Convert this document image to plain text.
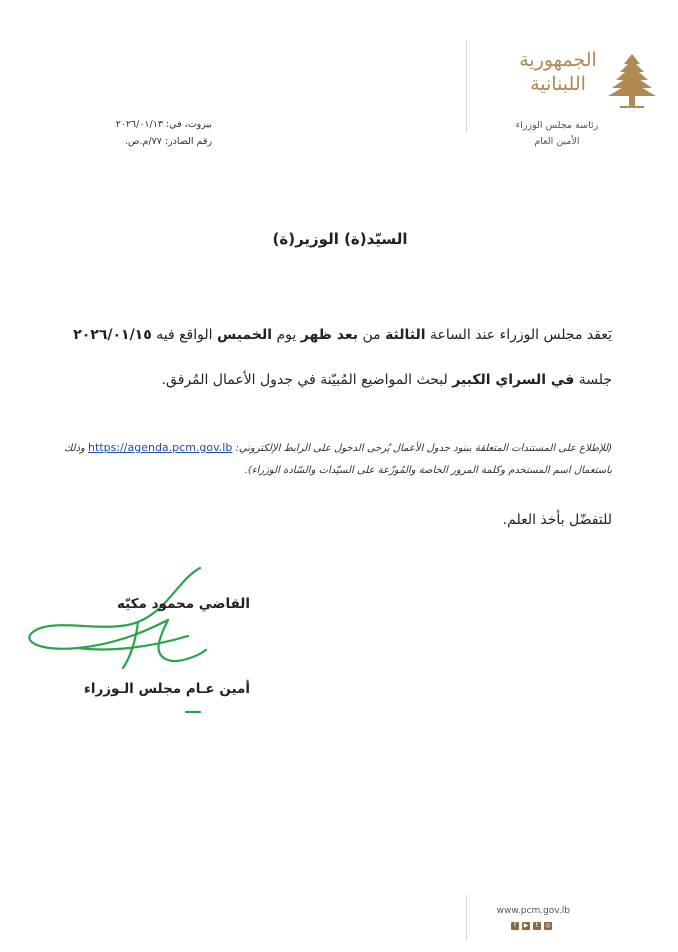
الجمهورية
اللبنانية
رئاسة مجلس الوزراء
الأمين العام
بيروت، في: ٢٠٢٦/٠١/١٣
رقم الصادر: ٧٧/م.ص.
السيّد(ة) الوزير(ة)
يَعقد مجلس الوزراء عند الساعة الثالثة من بعد ظهر يوم الخميس الواقع فيه ٢٠٢٦/٠١/١٥
جلسة في السراي الكبير لبحث المواضيع المُبيّنة في جدول الأعمال المُرفق.
(للإطلاع على المستندات المتعلقة ببنود جدول الأعمال يُرجى الدخول على الرابط الإلكتروني: https://agenda.pcm.gov.lb وذلك
باستعمال اسم المستخدم وكلمة المرور الخاصة والمُوزّعة على السيّدات والسّادة الوزراء).
للتفضّل بأخذ العلم.
القاضي محمود مكيّه
أمين عـام مجلس الـوزراء
www.pcm.gov.lb
f	▶	t	◎
